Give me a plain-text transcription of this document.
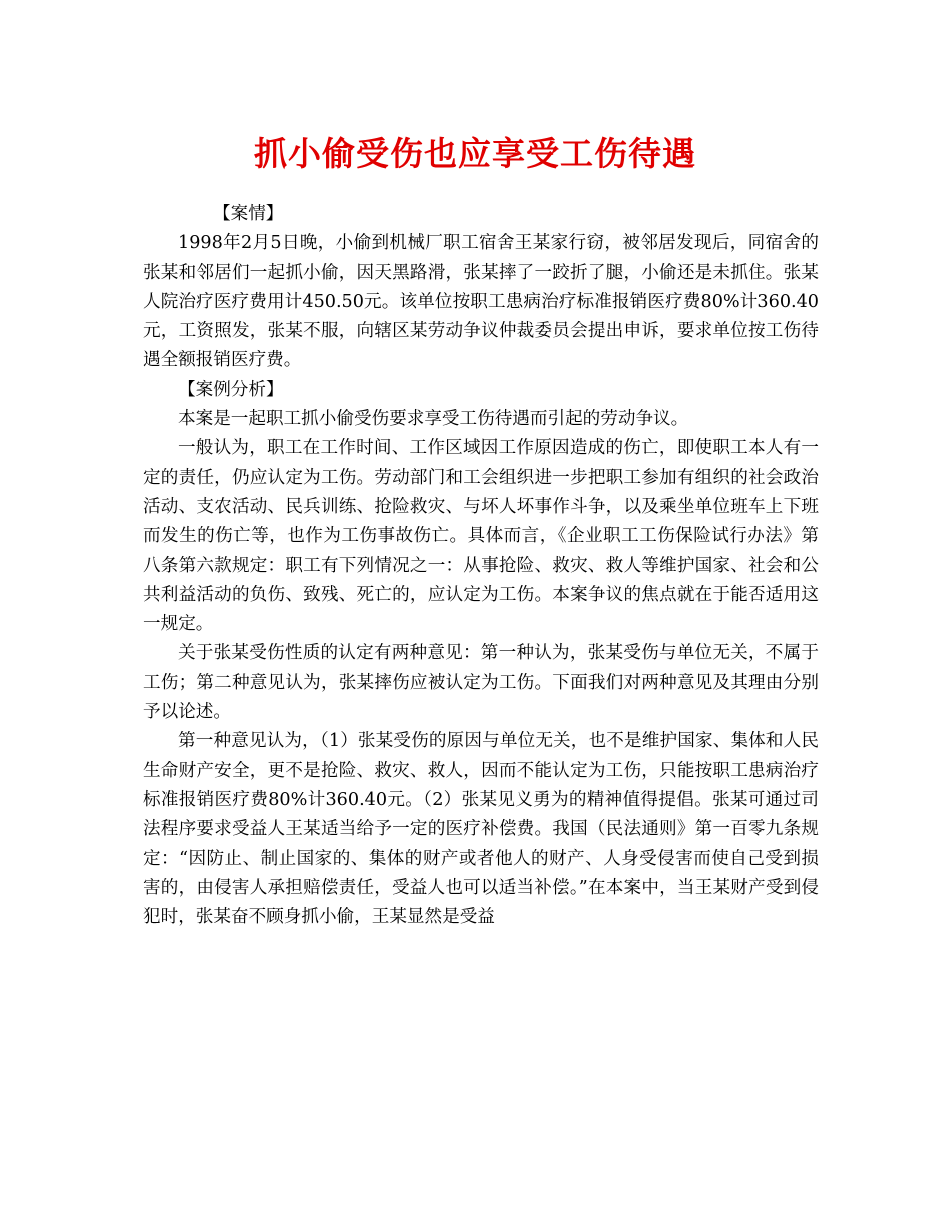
抓小偷受伤也应享受工伤待遇

【案情】

1998年2月5日晚，小偷到机械厂职工宿舍王某家行窃，被邻居发现后，同宿舍的张某和邻居们一起抓小偷，因天黑路滑，张某摔了一跤折了腿，小偷还是未抓住。张某人院治疗医疗费用计450.50元。该单位按职工患病治疗标准报销医疗费80%计360.40元，工资照发，张某不服，向辖区某劳动争议仲裁委员会提出申诉，要求单位按工伤待遇全额报销医疗费。

【案例分析】

本案是一起职工抓小偷受伤要求享受工伤待遇而引起的劳动争议。

一般认为，职工在工作时间、工作区域因工作原因造成的伤亡，即使职工本人有一定的责任，仍应认定为工伤。劳动部门和工会组织进一步把职工参加有组织的社会政治活动、支农活动、民兵训练、抢险救灾、与坏人坏事作斗争，以及乘坐单位班车上下班而发生的伤亡等，也作为工伤事故伤亡。具体而言，《企业职工工伤保险试行办法》第八条第六款规定：职工有下列情况之一：从事抢险、救灾、救人等维护国家、社会和公共利益活动的负伤、致残、死亡的，应认定为工伤。本案争议的焦点就在于能否适用这一规定。

关于张某受伤性质的认定有两种意见：第一种认为，张某受伤与单位无关，不属于工伤；第二种意见认为，张某摔伤应被认定为工伤。下面我们对两种意见及其理由分别予以论述。

第一种意见认为，（1）张某受伤的原因与单位无关，也不是维护国家、集体和人民生命财产安全，更不是抢险、救灾、救人，因而不能认定为工伤，只能按职工患病治疗标准报销医疗费80%计360.40元。（2）张某见义勇为的精神值得提倡。张某可通过司法程序要求受益人王某适当给予一定的医疗补偿费。我国（民法通则》第一百零九条规定：“因防止、制止国家的、集体的财产或者他人的财产、人身受侵害而使自己受到损害的，由侵害人承担赔偿责任，受益人也可以适当补偿。”在本案中，当王某财产受到侵犯时，张某奋不顾身抓小偷，王某显然是受益
